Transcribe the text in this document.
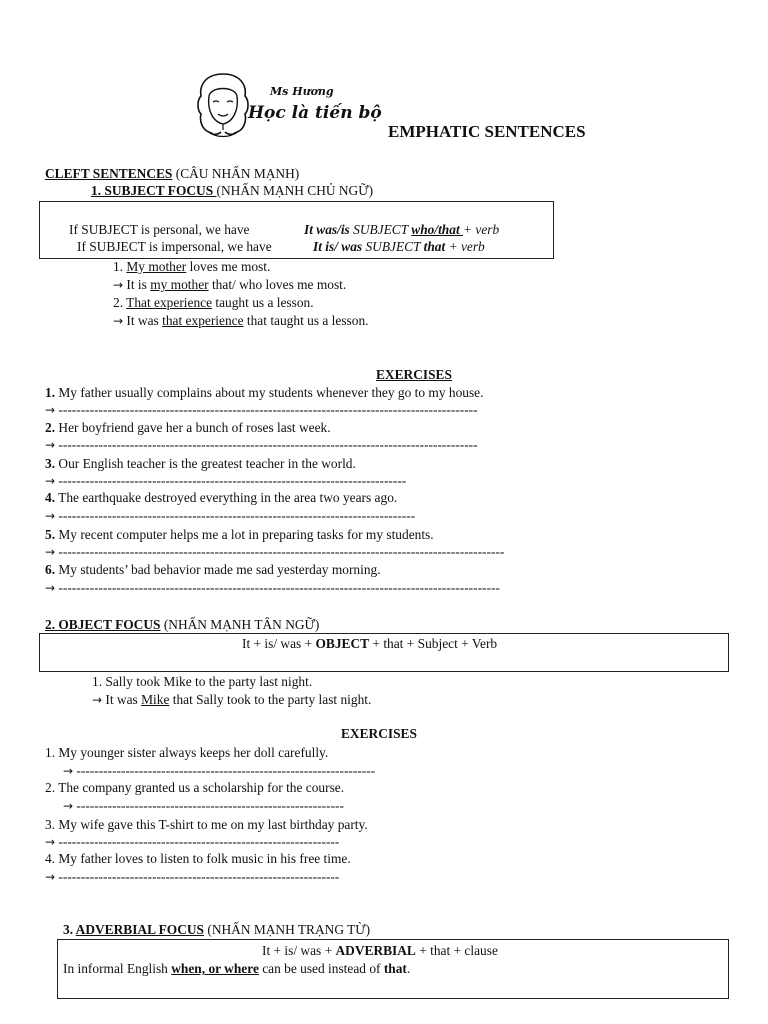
Ms Hương
Học là tiến bộ
EMPHATIC SENTENCES
CLEFT SENTENCES (CÂU NHẤN MẠNH)
1. SUBJECT FOCUS (NHẤN MẠNH CHỦ NGỮ)
If SUBJECT is personal, we have	It was/is SUBJECT who/that + verb
If SUBJECT is impersonal, we have	It is/ was SUBJECT that + verb
1. My mother loves me most.
→ It is my mother that/ who loves me most.
2. That experience taught us a lesson.
→ It was that experience that taught us a lesson.
EXERCISES
1. My father usually complains about my students whenever they go to my house.
→ ----------------------------------------------------------------------------------------------
2. Her boyfriend gave her a bunch of roses last week.
→ ----------------------------------------------------------------------------------------------
3. Our English teacher is the greatest teacher in the world.
→ ------------------------------------------------------------------------------
4. The earthquake destroyed everything in the area two years ago.
→ --------------------------------------------------------------------------------
5. My recent computer helps me a lot in preparing tasks for my students.
→ ----------------------------------------------------------------------------------------------------
6. My students’ bad behavior made me sad yesterday morning.
→ ---------------------------------------------------------------------------------------------------
2. OBJECT FOCUS (NHẤN MẠNH TÂN NGỮ)
It + is/ was + OBJECT + that + Subject + Verb
1. Sally took Mike to the party last night.
→ It was Mike that Sally took to the party last night.
EXERCISES
1. My younger sister always keeps her doll carefully.
→ -------------------------------------------------------------------
2. The company granted us a scholarship for the course.
→ ------------------------------------------------------------
3. My wife gave this T-shirt to me on my last birthday party.
→ ---------------------------------------------------------------
4. My father loves to listen to folk music in his free time.
→ ---------------------------------------------------------------
3. ADVERBIAL FOCUS (NHẤN MẠNH TRẠNG TỪ)
It + is/ was + ADVERBIAL + that + clause
In informal English when, or where can be used instead of that.
